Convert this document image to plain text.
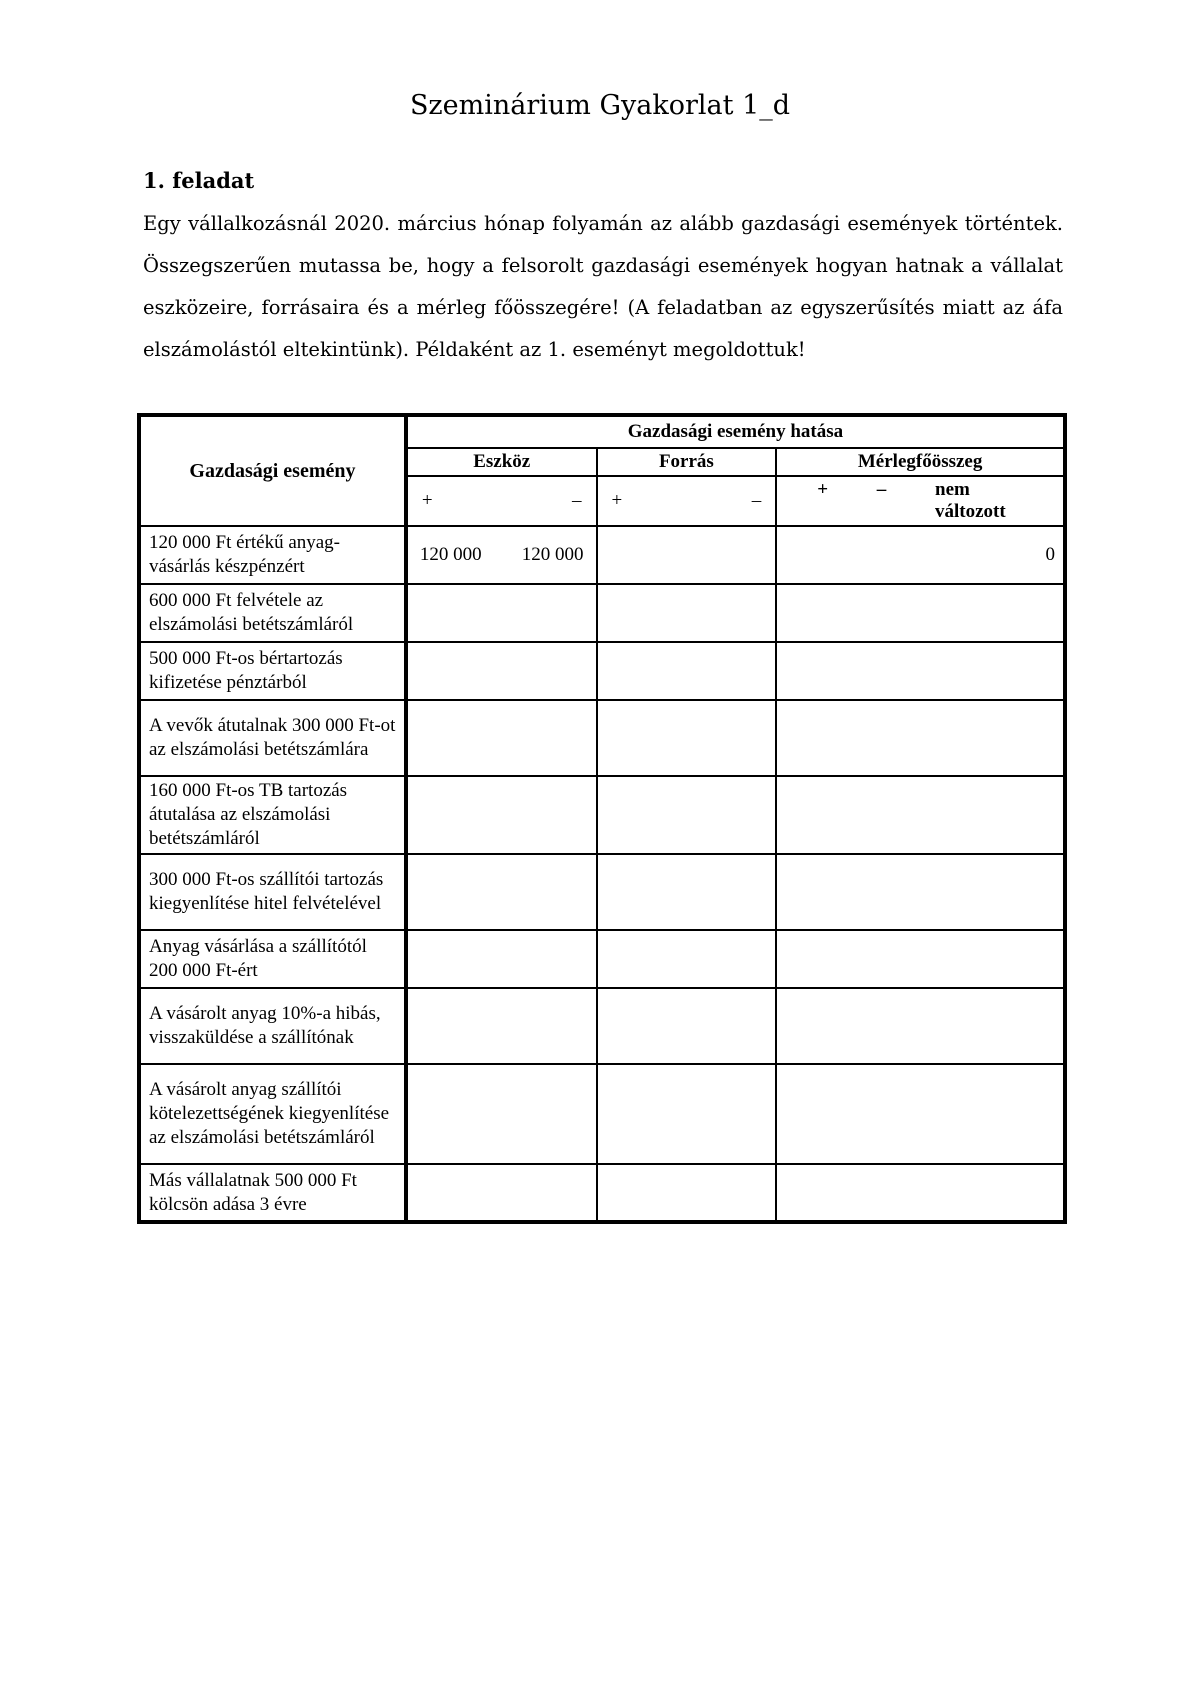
Szeminárium Gyakorlat 1_d
1. feladat

Egy vállalkozásnál 2020. március hónap folyamán az alább gazdasági események történtek. Összegszerűen mutassa be, hogy a felsorolt gazdasági események hogyan hatnak a vállalat eszközeire, forrásaira és a mérleg főösszegére! (A feladatban az egyszerűsítés miatt az áfa elszámolástól eltekintünk). Példaként az 1. eseményt megoldottuk!

Gazdasági esemény	Gazdasági esemény hatása		
	Eszköz	Forrás	Mérlegfőösszeg

	+ –	+ –	+ – nem változott

120 000 Ft értékű anyag-vásárlás készpénzért	120 000 120 000		0
600 000 Ft felvétele az elszámolási betétszámláról			
500 000 Ft-os bértartozás kifizetése pénztárból			
A vevők átutalnak 300 000 Ft-ot az elszámolási betétszámlára			
160 000 Ft-os TB tartozás átutalása az elszámolási betétszámláról			
300 000 Ft-os szállítói tartozás kiegyenlítése hitel felvételével			
Anyag vásárlása a szállítótól 200 000 Ft-ért			
A vásárolt anyag 10%-a hibás, visszaküldése a szállítónak			
A vásárolt anyag szállítói kötelezettségének kiegyenlítése az elszámolási betétszámláról			
Más vállalatnak 500 000 Ft kölcsön adása 3 évre			
